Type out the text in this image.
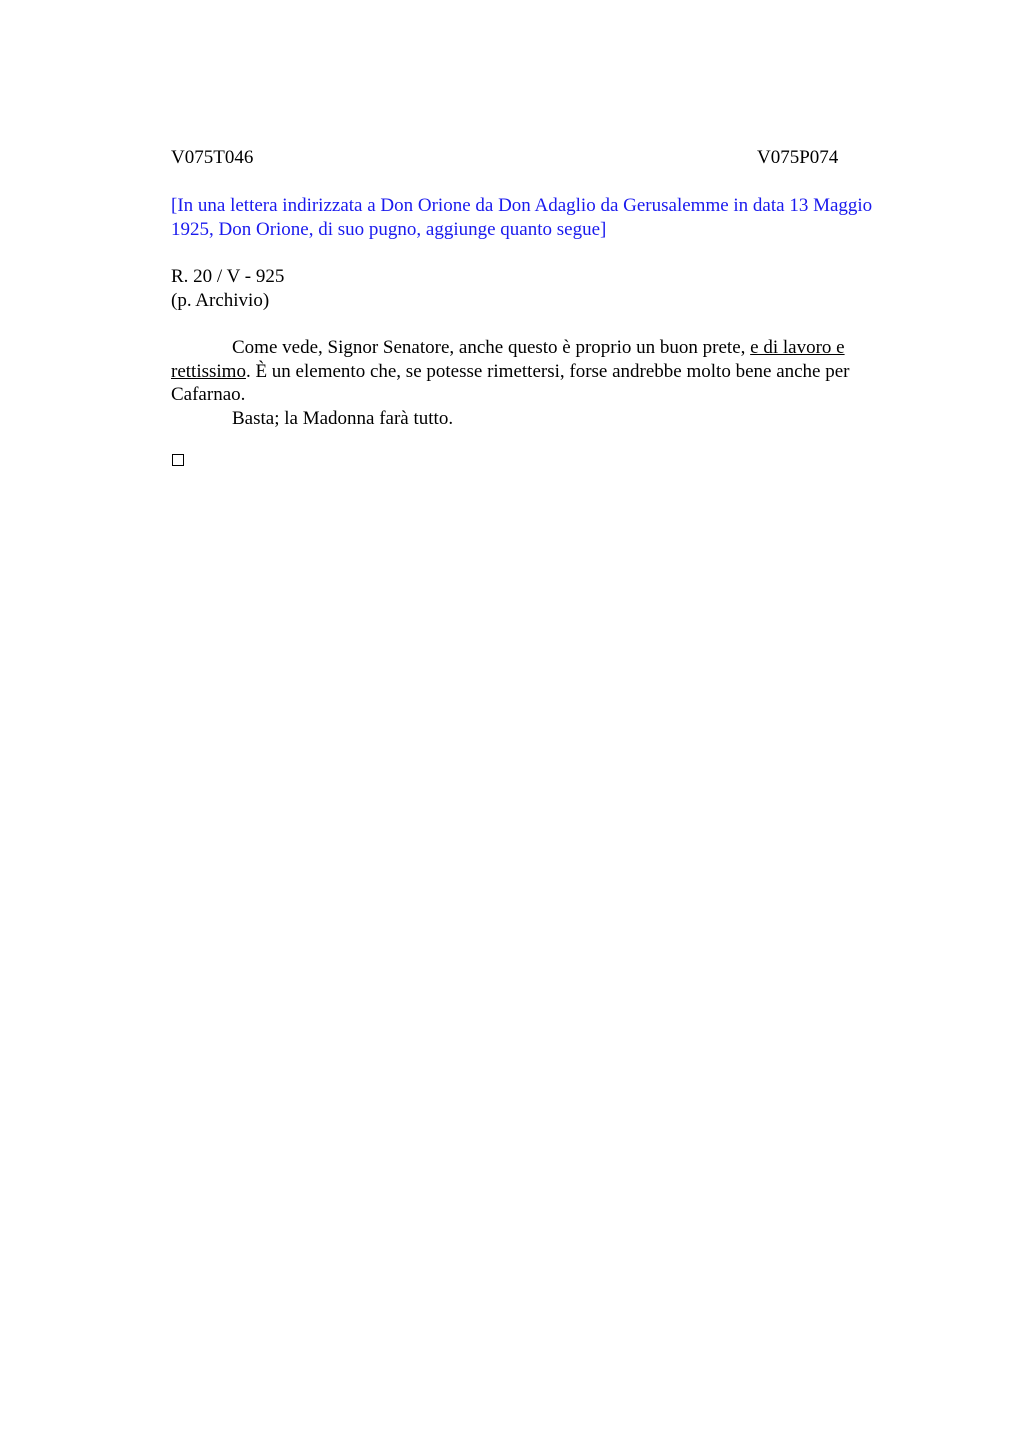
V075T046	V075P074
[In una lettera indirizzata a Don Orione da Don Adaglio da Gerusalemme in data 13 Maggio 1925, Don Orione, di suo pugno, aggiunge quanto segue]
R. 20 / V - 925
(p. Archivio)

Come vede, Signor Senatore, anche questo è proprio un buon prete, e di lavoro e rettissimo. È un elemento che, se potesse rimettersi, forse andrebbe molto bene anche per Cafarnao.

Basta; la Madonna farà tutto.
